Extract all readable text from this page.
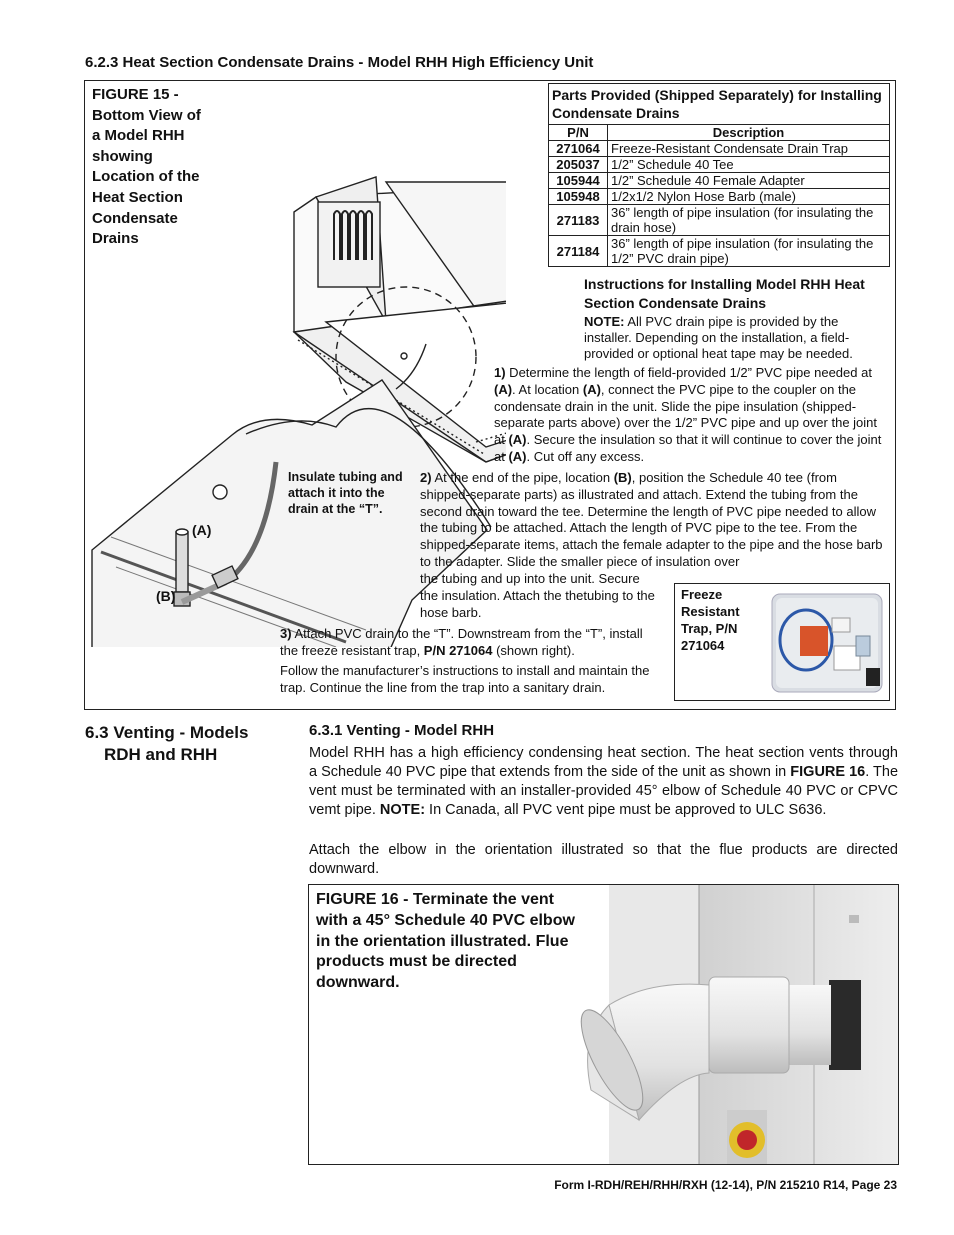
6.2.3 Heat Section Condensate Drains - Model RHH High Efficiency Unit
FIGURE 15 - Bottom View of a Model RHH showing Location of the Heat Section Condensate Drains
Insulate tubing and attach it into the drain at the “T”.
(A)
(B)
Parts Provided (Shipped Separately) for Installing Condensate Drains	
P/N	Description
271064	Freeze-Resistant Condensate Drain Trap
205037	1/2” Schedule 40 Tee
105944	1/2” Schedule 40 Female Adapter
105948	1/2x1/2 Nylon Hose Barb (male)
271183	36” length of pipe insulation (for insulating the drain hose)
271184	36” length of pipe insulation (for insulating the 1/2” PVC drain pipe)
Instructions for Installing Model RHH Heat Section Condensate Drains
NOTE: All PVC drain pipe is provided by the installer. Depending on the installation, a field-provided or optional heat tape may be needed.
1) Determine the length of field-provided 1/2” PVC pipe needed at (A). At location (A), connect the PVC pipe to the coupler on the condensate drain in the unit. Slide the pipe insulation (shipped-separate parts above) over the 1/2” PVC pipe and up over the joint at (A). Secure the insulation so that it will continue to cover the joint at (A). Cut off any excess.
2) At the end of the pipe, location (B), position the Schedule 40 tee (from shipped-separate parts) as illustrated and attach. Extend the tubing from the second drain toward the tee. Determine the length of PVC pipe needed to allow the tubing to be attached. Attach the length of PVC pipe to the tee. From the shipped-separate items, attach the female adapter to the pipe and the hose barb to the adapter. Slide the smaller piece of insulation over
the tubing and up into the unit. Secure the insulation. Attach the thetubing to the hose barb.
3) Attach PVC drain to the “T”. Downstream from the “T”, install the freeze resistant trap, P/N 271064 (shown right).
Follow the manufacturer’s instructions to install and maintain the trap. Continue the line from the trap into a sanitary drain.
Freeze Resistant Trap, P/N 271064
6.3 Venting - Models
RDH and RHH
6.3.1 Venting - Model RHH
Model RHH has a high efficiency condensing heat section. The heat section vents through a Schedule 40 PVC pipe that extends from the side of the unit as shown in FIGURE 16. The vent must be terminated with an installer-provided 45° elbow of Schedule 40 PVC or CPVC vemt pipe. NOTE: In Canada, all PVC vent pipe must be approved to ULC S636.
Attach the elbow in the orientation illustrated so that the flue products are directed downward.
FIGURE 16 - Terminate the vent with a 45° Schedule 40 PVC elbow in the orientation illustrated. Flue products must be directed downward.
Form I-RDH/REH/RHH/RXH (12-14), P/N 215210 R14, Page 23
